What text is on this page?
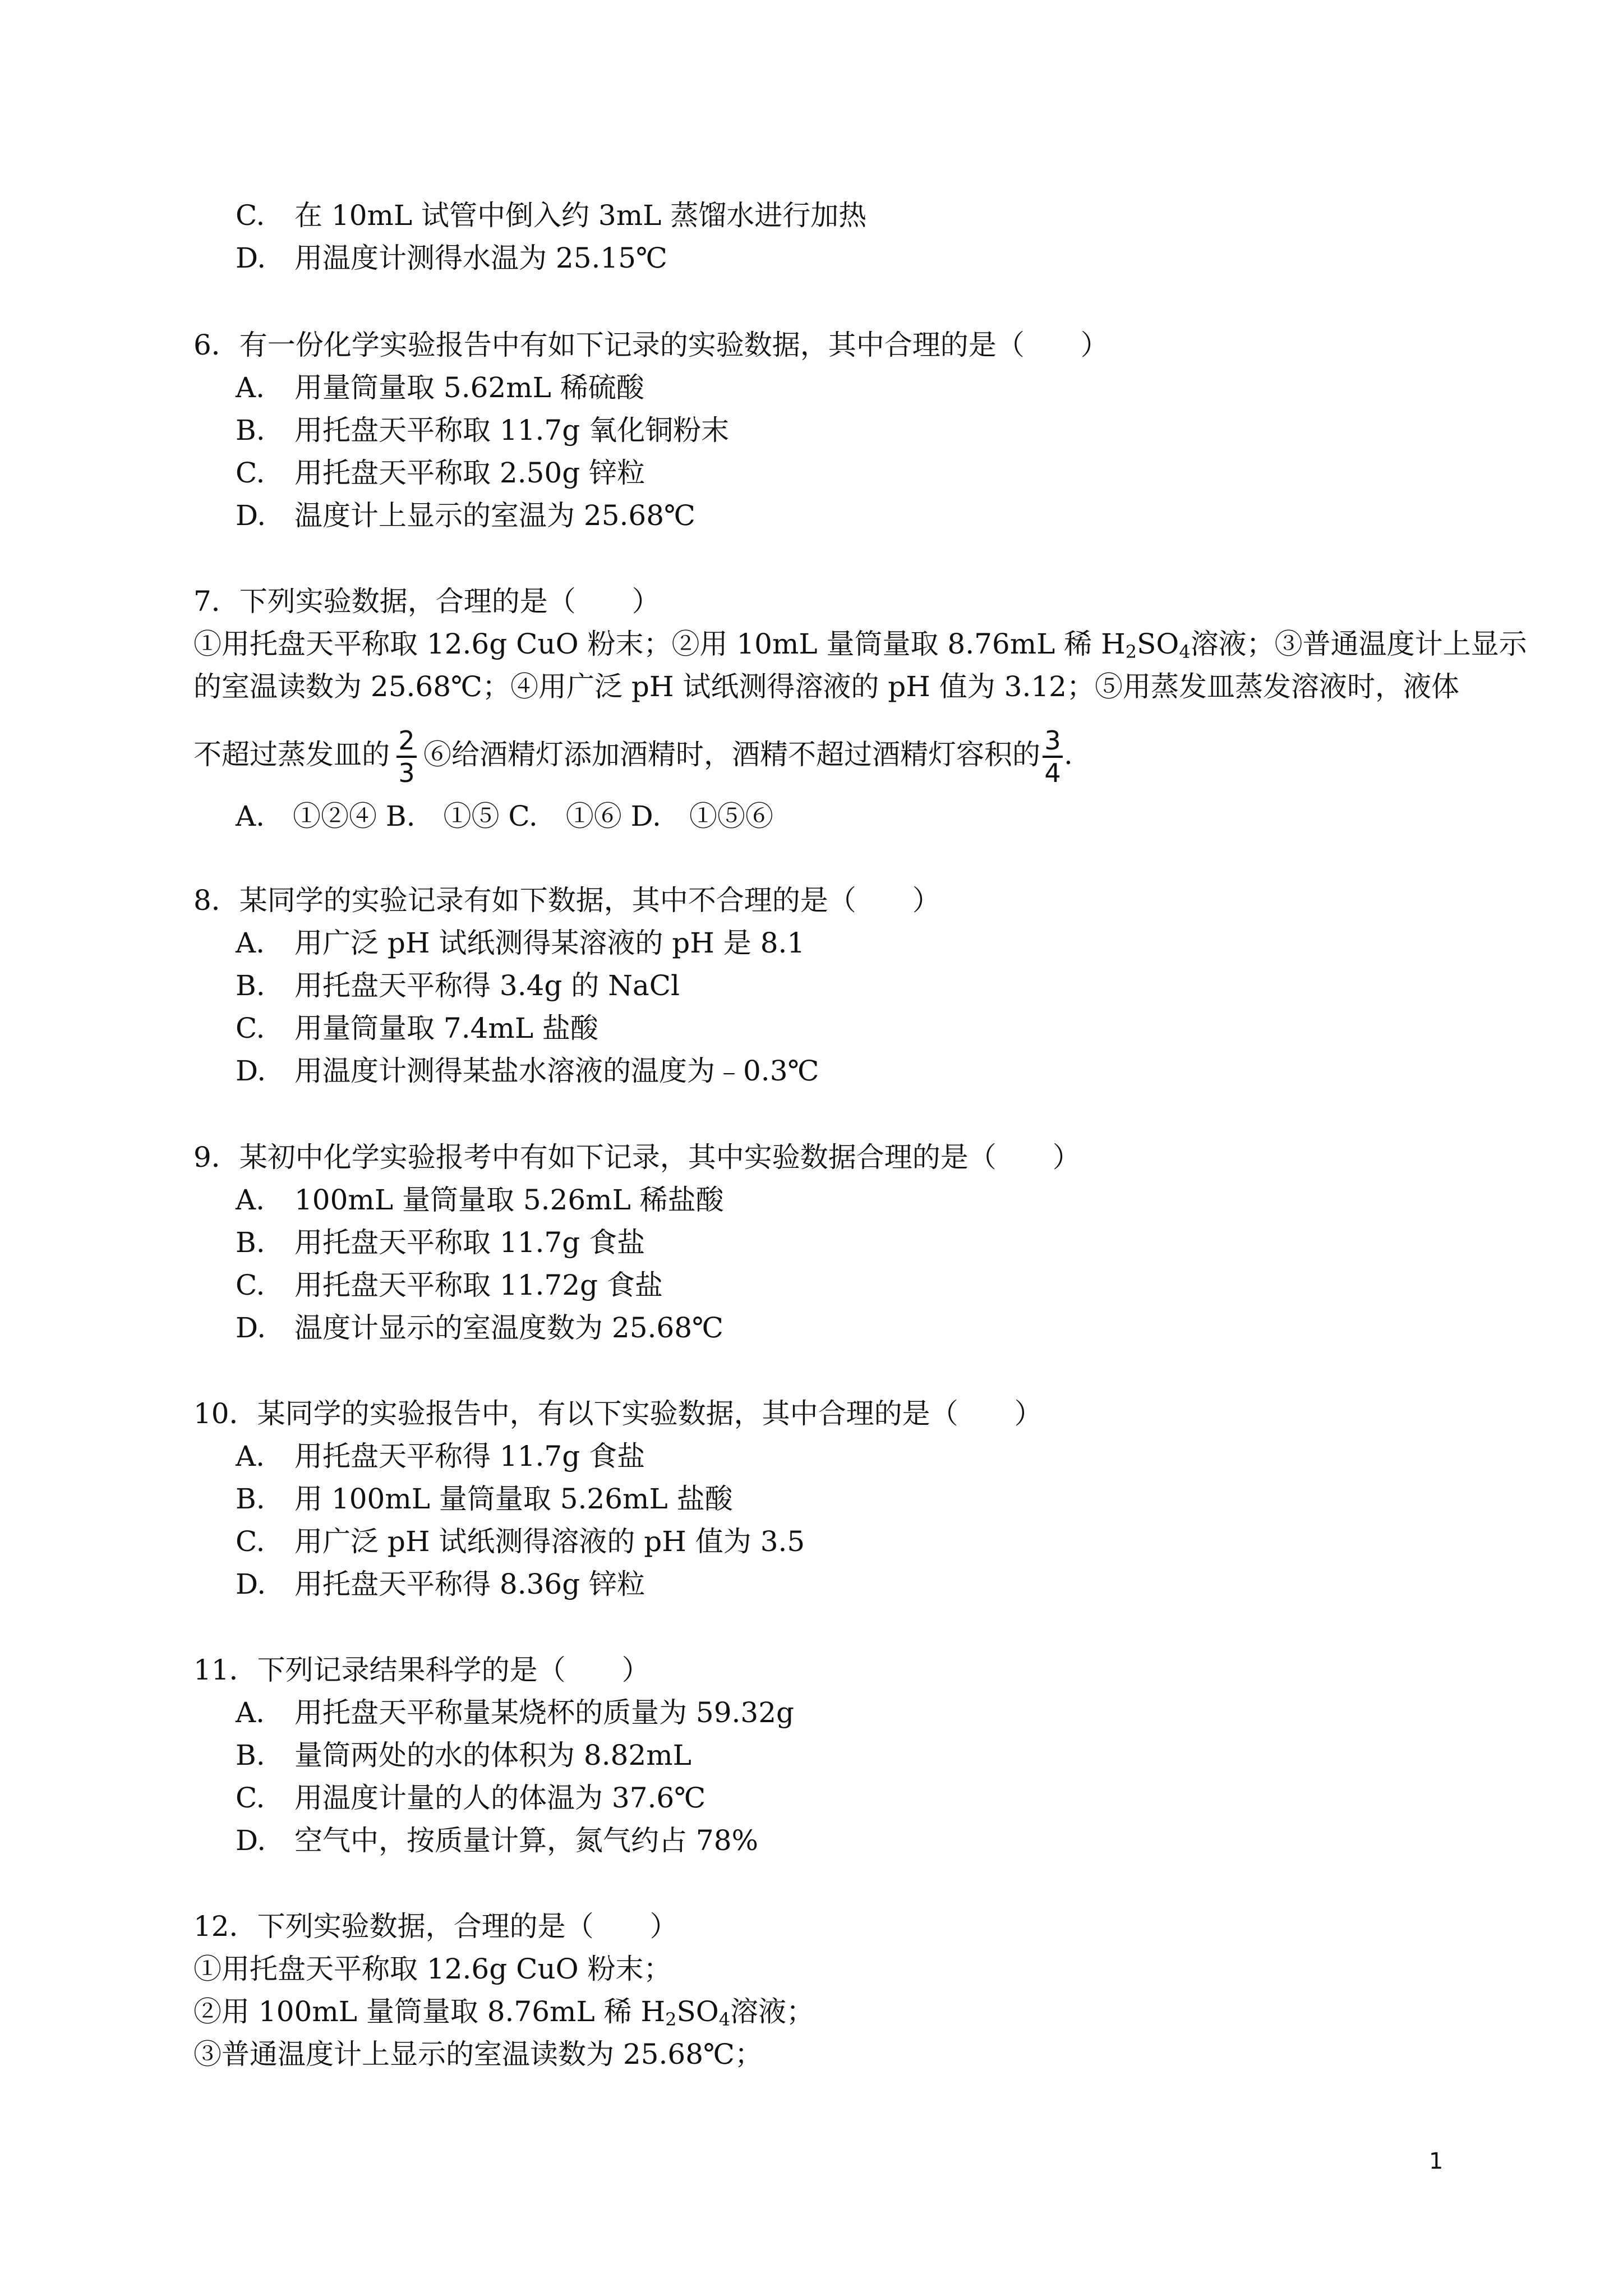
C. 在 10mL 试管中倒入约 3mL 蒸馏水进行加热
D. 用温度计测得水温为 25.15℃
6．有一份化学实验报告中有如下记录的实验数据，其中合理的是（　　）
A. 用量筒量取 5.62mL 稀硫酸
B. 用托盘天平称取 11.7g 氧化铜粉末
C. 用托盘天平称取 2.50g 锌粒
D. 温度计上显示的室温为 25.68℃
7．下列实验数据，合理的是（　　）
①用托盘天平称取 12.6g CuO 粉末；②用 10mL 量筒量取 8.76mL 稀 $H_2SO_4$溶液；③普通温度计上显示
的室温读数为 25.68℃；④用广泛 pH 试纸测得溶液的 pH 值为 3.12；⑤用蒸发皿蒸发溶液时，液体
不超过蒸发皿的 $\frac{2}{3}$ ⑥给酒精灯添加酒精时，酒精不超过酒精灯容积的 $\frac{3}{4}$ .
A.　①②④ B.　①⑤ C.　①⑥ D.　①⑤⑥
8．某同学的实验记录有如下数据，其中不合理的是（　　）
A. 用广泛 pH 试纸测得某溶液的 pH 是 8.1
B. 用托盘天平称得 3.4g 的 NaCl
C. 用量筒量取 7.4mL 盐酸
D. 用温度计测得某盐水溶液的温度为﹣0.3℃
9．某初中化学实验报考中有如下记录，其中实验数据合理的是（　　）
A. 100mL 量筒量取 5.26mL 稀盐酸
B. 用托盘天平称取 11.7g 食盐
C. 用托盘天平称取 11.72g 食盐
D. 温度计显示的室温度数为 25.68℃
10．某同学的实验报告中，有以下实验数据，其中合理的是（　　）
A. 用托盘天平称得 11.7g 食盐
B. 用 100mL 量筒量取 5.26mL 盐酸
C. 用广泛 pH 试纸测得溶液的 pH 值为 3.5
D. 用托盘天平称得 8.36g 锌粒
11．下列记录结果科学的是（　　）
A. 用托盘天平称量某烧杯的质量为 59.32g
B. 量筒两处的水的体积为 8.82mL
C. 用温度计量的人的体温为 37.6℃
D. 空气中，按质量计算，氮气约占 78%
12．下列实验数据，合理的是（　　）
①用托盘天平称取 12.6g CuO 粉末；
②用 100mL 量筒量取 8.76mL 稀 $H_2SO_4$溶液；
③普通温度计上显示的室温读数为 25.68℃；
1
